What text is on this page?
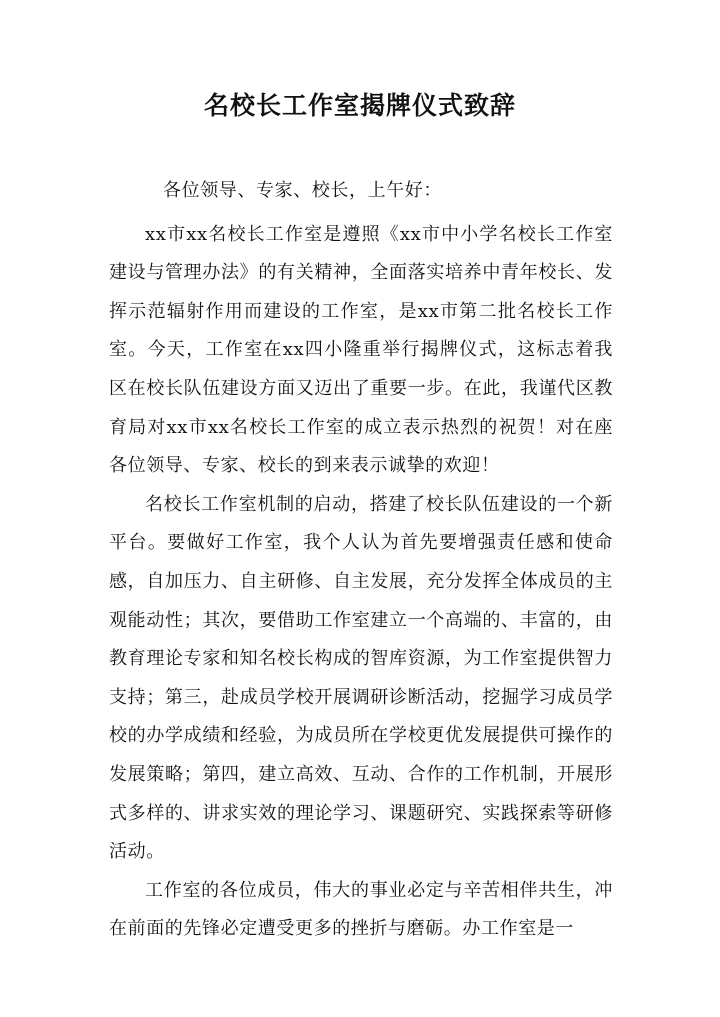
名校长工作室揭牌仪式致辞

各位领导、专家、校长，上午好：

xx市xx名校长工作室是遵照《xx市中小学名校长工作室建设与管理办法》的有关精神，全面落实培养中青年校长、发挥示范辐射作用而建设的工作室，是xx市第二批名校长工作室。今天，工作室在xx四小隆重举行揭牌仪式，这标志着我区在校长队伍建设方面又迈出了重要一步。在此，我谨代区教育局对xx市xx名校长工作室的成立表示热烈的祝贺！对在座各位领导、专家、校长的到来表示诚挚的欢迎！

名校长工作室机制的启动，搭建了校长队伍建设的一个新平台。要做好工作室，我个人认为首先要增强责任感和使命感，自加压力、自主研修、自主发展，充分发挥全体成员的主观能动性；其次，要借助工作室建立一个高端的、丰富的，由教育理论专家和知名校长构成的智库资源，为工作室提供智力支持；第三，赴成员学校开展调研诊断活动，挖掘学习成员学校的办学成绩和经验，为成员所在学校更优发展提供可操作的发展策略；第四，建立高效、互动、合作的工作机制，开展形式多样的、讲求实效的理论学习、课题研究、实践探索等研修活动。

工作室的各位成员，伟大的事业必定与辛苦相伴共生，冲在前面的先锋必定遭受更多的挫折与磨砺。办工作室是一
